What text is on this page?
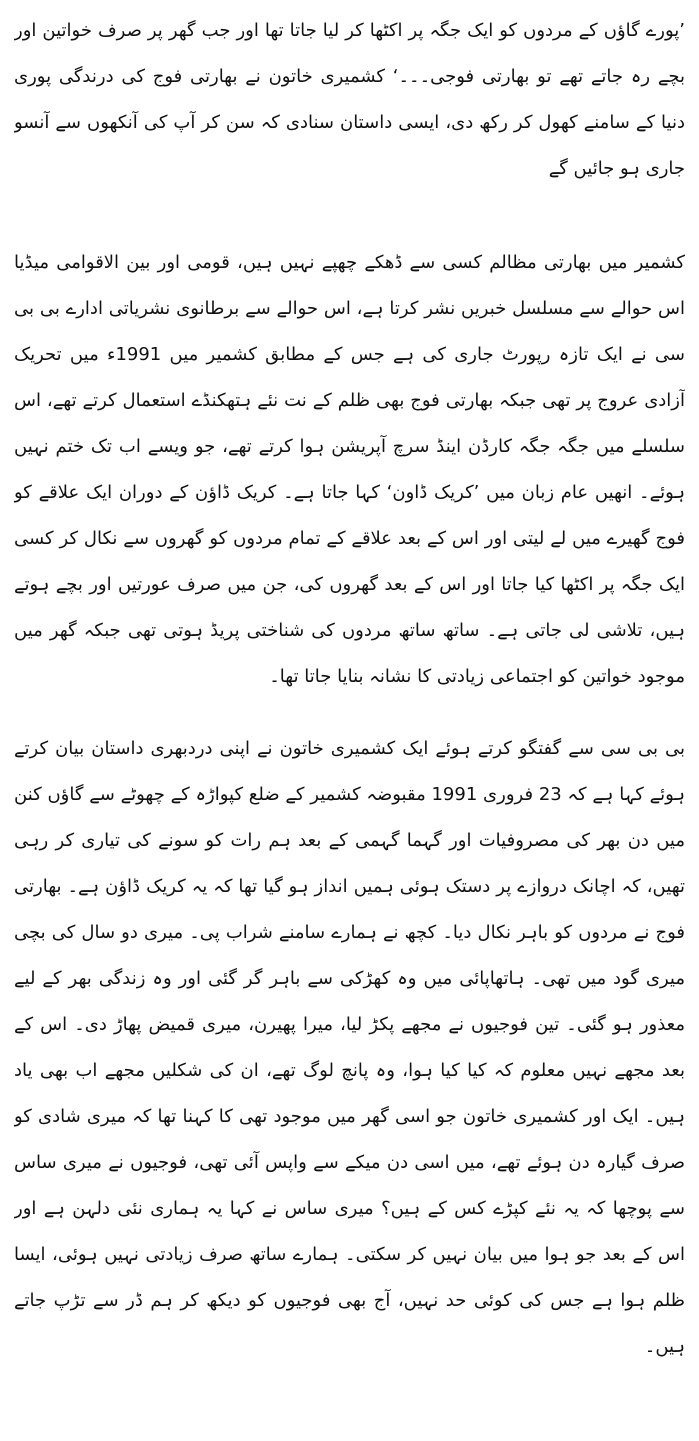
’پورے گاؤں کے مردوں کو ایک جگہ پر اکٹھا کر لیا جاتا تھا اور جب گھر پر صرف خواتین اور بچے رہ جاتے تھے تو بھارتی فوجی۔۔۔‘ کشمیری خاتون نے بھارتی فوج کی درندگی پوری دنیا کے سامنے کھول کر رکھ دی، ایسی داستان سنادی کہ سن کر آپ کی آنکھوں سے آنسو جاری ہو جائیں گے

کشمیر میں بھارتی مظالم کسی سے ڈھکے چھپے نہیں ہیں، قومی اور بین الاقوامی میڈیا اس حوالے سے مسلسل خبریں نشر کرتا ہے، اس حوالے سے برطانوی نشریاتی ادارے بی بی سی نے ایک تازہ رپورٹ جاری کی ہے جس کے مطابق کشمیر میں 1991ء میں تحریک آزادی عروج پر تھی جبکہ بھارتی فوج بھی ظلم کے نت نئے ہتھکنڈے استعمال کرتے تھے، اس سلسلے میں جگہ جگہ کارڈن اینڈ سرچ آپریشن ہوا کرتے تھے، جو ویسے اب تک ختم نہیں ہوئے۔ انھیں عام زبان میں ’کریک ڈاون‘ کہا جاتا ہے۔ کریک ڈاؤن کے دوران ایک علاقے کو فوج گھیرے میں لے لیتی اور اس کے بعد علاقے کے تمام مردوں کو گھروں سے نکال کر کسی ایک جگہ پر اکٹھا کیا جاتا اور اس کے بعد گھروں کی، جن میں صرف عورتیں اور بچے ہوتے ہیں، تلاشی لی جاتی ہے۔ ساتھ ساتھ مردوں کی شناختی پریڈ ہوتی تھی جبکہ گھر میں موجود خواتین کو اجتماعی زیادتی کا نشانہ بنایا جاتا تھا۔

بی بی سی سے گفتگو کرتے ہوئے ایک کشمیری خاتون نے اپنی دردبھری داستان بیان کرتے ہوئے کہا ہے کہ 23 فروری 1991 مقبوضہ کشمیر کے ضلع کپواڑہ کے چھوٹے سے گاؤں کنن میں دن بھر کی مصروفیات اور گہما گہمی کے بعد ہم رات کو سونے کی تیاری کر رہی تھیں، کہ اچانک دروازے پر دستک ہوئی ہمیں انداز ہو گیا تھا کہ یہ کریک ڈاؤن ہے۔ بھارتی فوج نے مردوں کو باہر نکال دیا۔ کچھ نے ہمارے سامنے شراب پی۔ میری دو سال کی بچی میری گود میں تھی۔ ہاتھاپائی میں وہ کھڑکی سے باہر گر گئی اور وہ زندگی بھر کے لیے معذور ہو گئی۔ تین فوجیوں نے مجھے پکڑ لیا، میرا پھیرن، میری قمیض پھاڑ دی۔ اس کے بعد مجھے نہیں معلوم کہ کیا کیا ہوا، وہ پانچ لوگ تھے، ان کی شکلیں مجھے اب بھی یاد ہیں۔ ایک اور کشمیری خاتون جو اسی گھر میں موجود تھی کا کہنا تھا کہ میری شادی کو صرف گیارہ دن ہوئے تھے، میں اسی دن میکے سے واپس آئی تھی، فوجیوں نے میری ساس سے پوچھا کہ یہ نئے کپڑے کس کے ہیں؟ میری ساس نے کہا یہ ہماری نئی دلہن ہے اور اس کے بعد جو ہوا میں بیان نہیں کر سکتی۔ ہمارے ساتھ صرف زیادتی نہیں ہوئی، ایسا ظلم ہوا ہے جس کی کوئی حد نہیں، آج بھی فوجیوں کو دیکھ کر ہم ڈر سے تڑپ جاتے ہیں۔
